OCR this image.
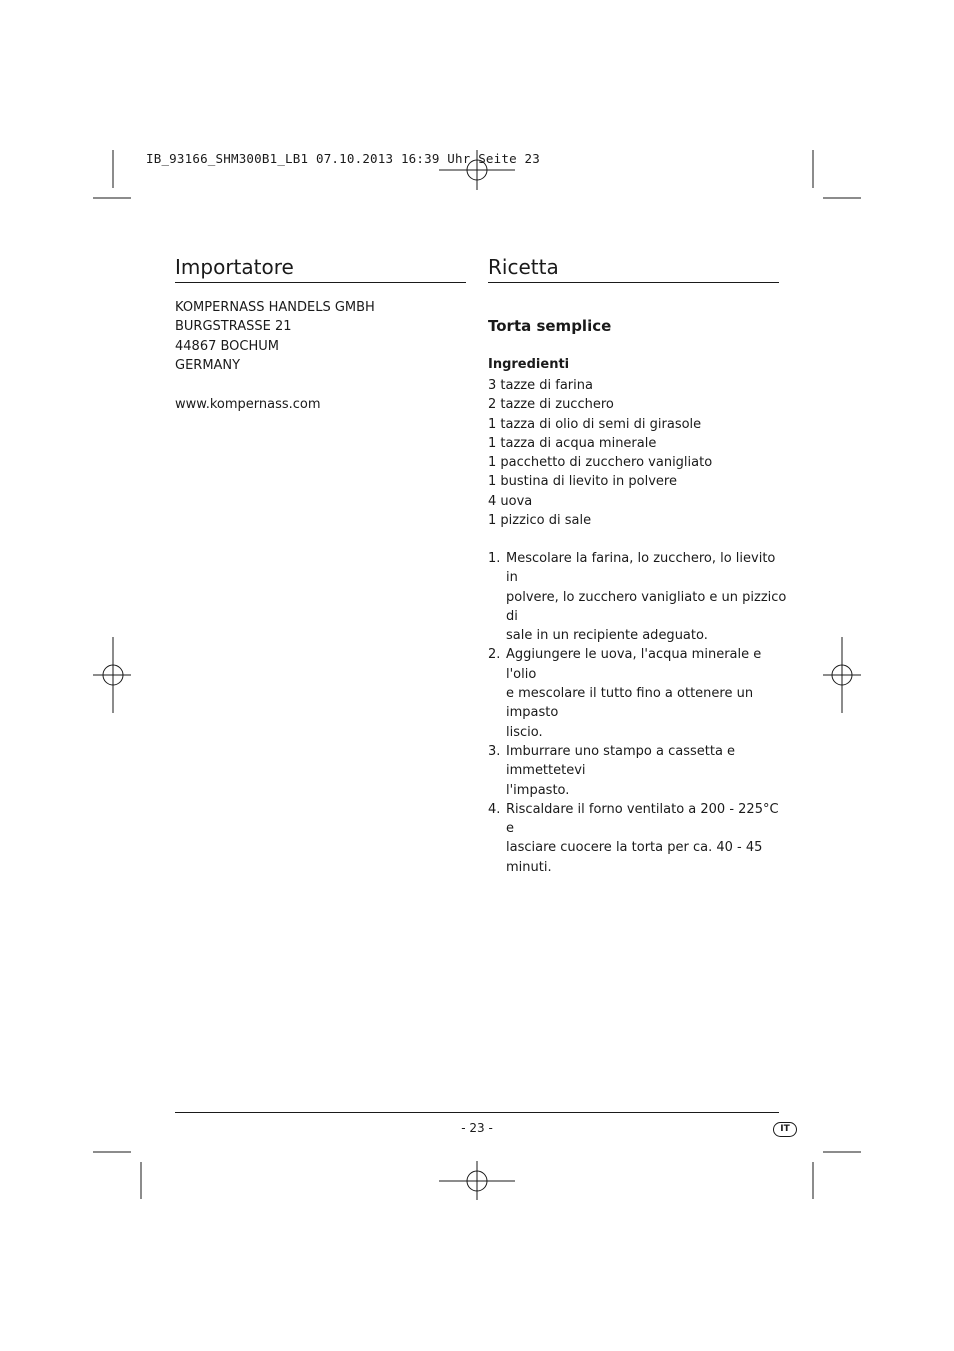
IB_93166_SHM300B1_LB1 07.10.2013 16:39 Uhr Seite 23
Importatore
KOMPERNASS HANDELS GMBH
BURGSTRASSE 21
44867 BOCHUM
GERMANY
www.kompernass.com
Ricetta
Torta semplice
Ingredienti
3 tazze di farina
2 tazze di zucchero
1 tazza di olio di semi di girasole
1 tazza di acqua minerale
1 pacchetto di zucchero vanigliato
1 bustina di lievito in polvere
4 uova
1 pizzico di sale
1. Mescolare la farina, lo zucchero, lo lievito in
polvere, lo zucchero vanigliato e un pizzico di
sale in un recipiente adeguato.
2. Aggiungere le uova, l'acqua minerale e l'olio
e mescolare il tutto fino a ottenere un impasto
liscio.
3. Imburrare uno stampo a cassetta e immettetevi
l'impasto.
4. Riscaldare il forno ventilato a 200 - 225°C e
lasciare cuocere la torta per ca. 40 - 45 minuti.
- 23 -	IT
